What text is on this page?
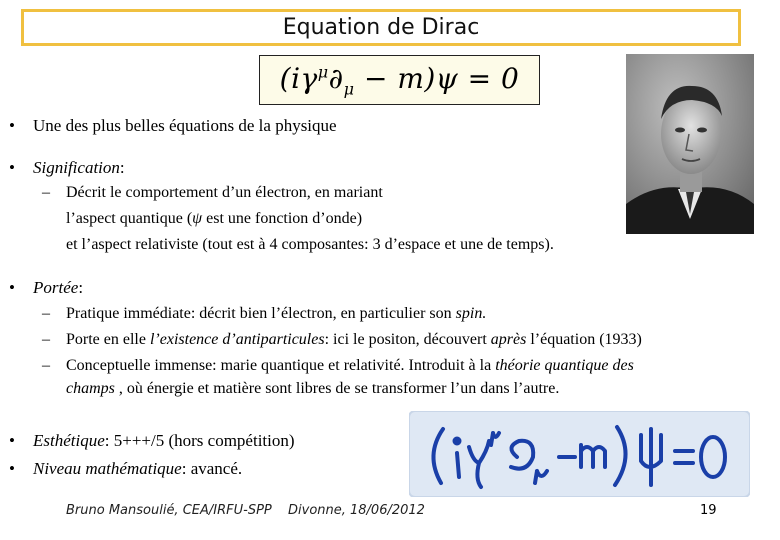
Equation de Dirac
$(i\gamma^\mu\partial_\mu - m)\psi = 0$
• Une des plus belles équations de la physique
• Signification:
– Décrit le comportement d’un électron, en mariant
l’aspect quantique (ψ est une fonction d’onde)
et l’aspect relativiste (tout est à 4 composantes: 3 d’espace et une de temps).
• Portée:
– Pratique immédiate: décrit bien l’électron, en particulier son spin.
– Porte en elle l’existence d’antiparticules: ici le positon, découvert après l’équation (1933)
– Conceptuelle immense: marie quantique et relativité. Introduit à la théorie quantique des
champs , où énergie et matière sont libres de se transformer l’un dans l’autre.
• Esthétique: 5+++/5 (hors compétition)
• Niveau mathématique: avancé.
Bruno Mansoulié, CEA/IRFU-SPP Divonne, 18/06/2012	19
